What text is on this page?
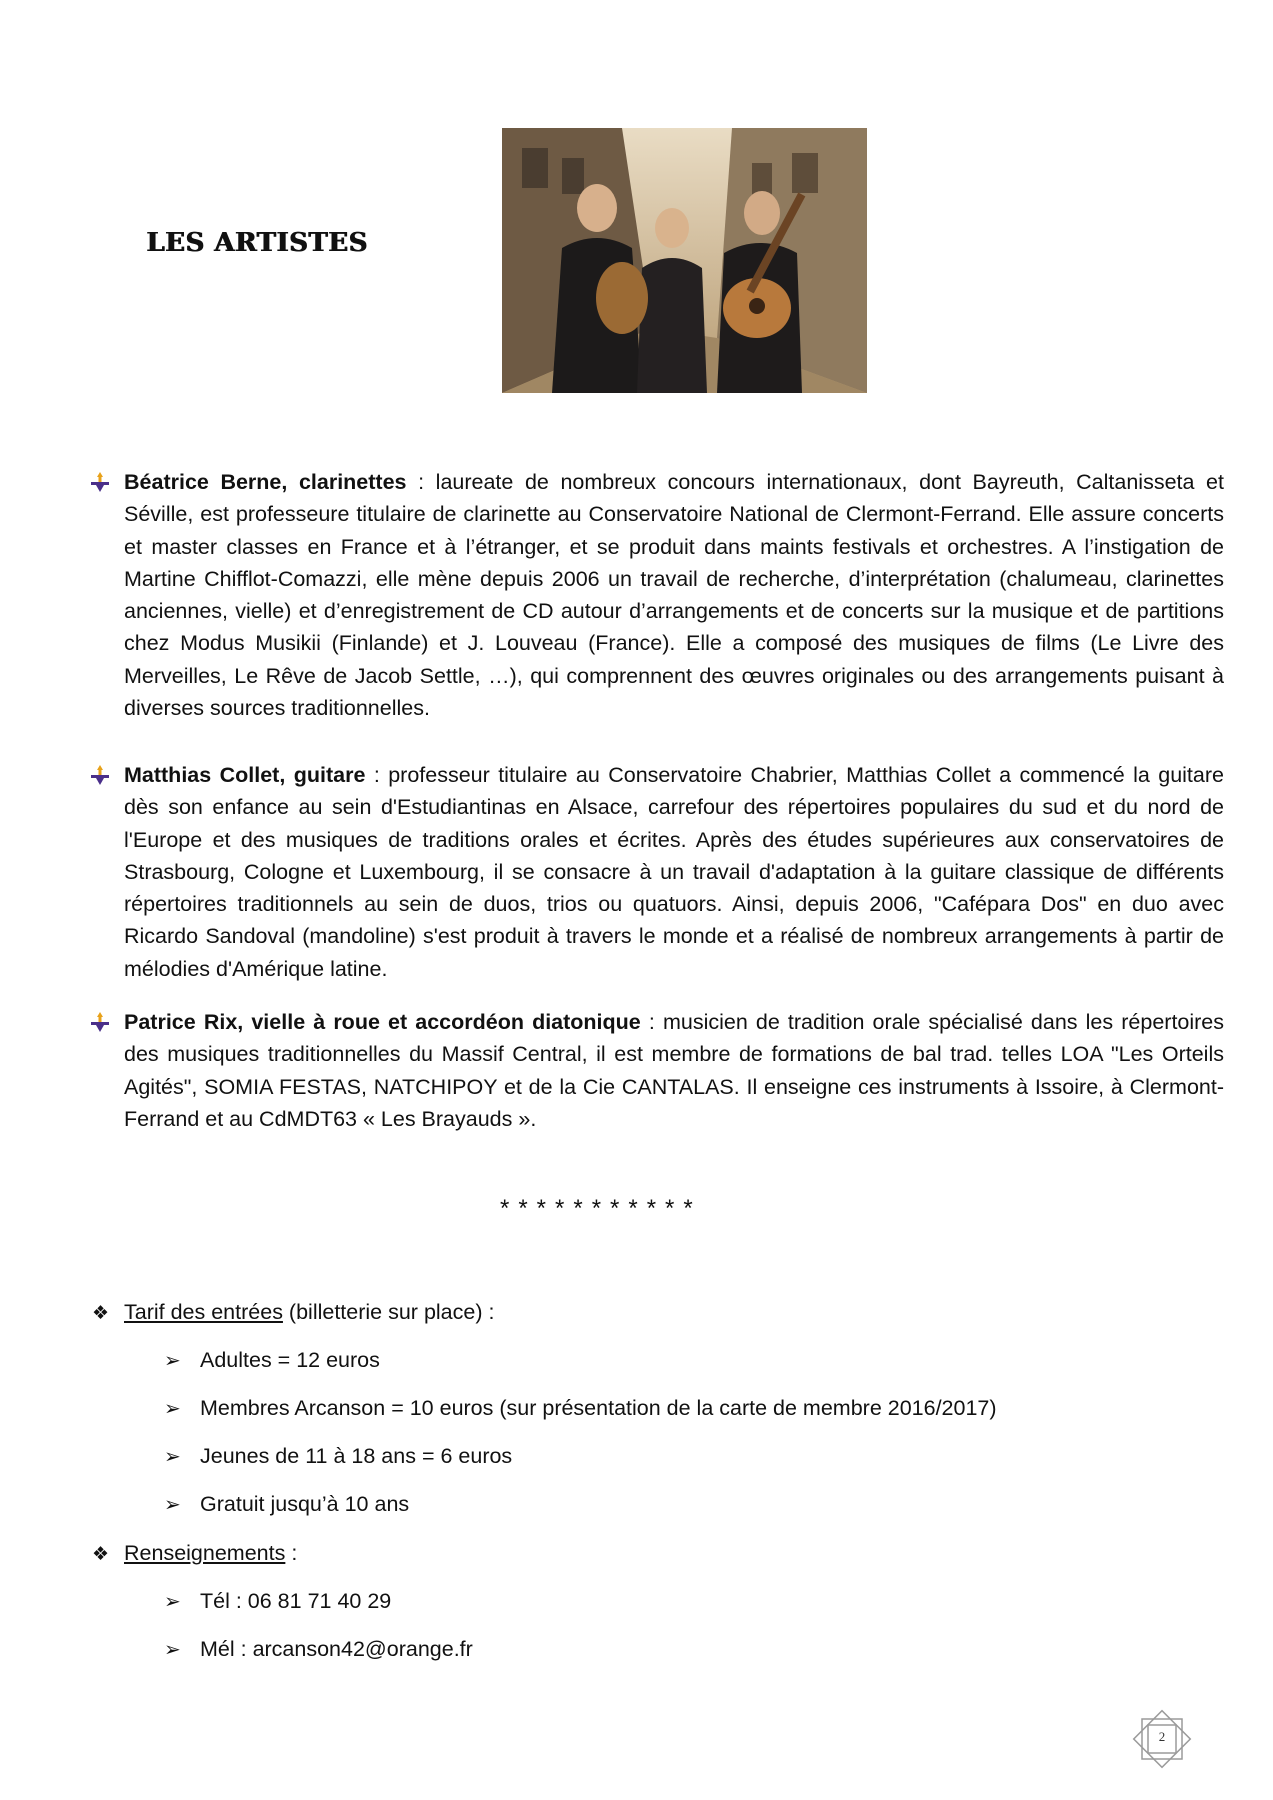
LES ARTISTES
Béatrice Berne, clarinettes : laureate de nombreux concours internationaux, dont Bayreuth, Caltanisseta et Séville, est professeure titulaire de clarinette au Conservatoire National de Clermont-Ferrand. Elle assure concerts et master classes en France et à l’étranger, et se produit dans maints festivals et orchestres. A l’instigation de Martine Chifflot-Comazzi, elle mène depuis 2006 un travail de recherche, d’interprétation (chalumeau, clarinettes anciennes, vielle) et d’enregistrement de CD autour d’arrangements et de concerts sur la musique et de partitions chez Modus Musikii (Finlande) et J. Louveau (France). Elle a composé des musiques de films (Le Livre des Merveilles, Le Rêve de Jacob Settle, …), qui comprennent des œuvres originales ou des arrangements puisant à diverses sources traditionnelles.
Matthias Collet, guitare : professeur titulaire au Conservatoire Chabrier, Matthias Collet a commencé la guitare dès son enfance au sein d'Estudiantinas en Alsace, carrefour des répertoires populaires du sud et du nord de l'Europe et des musiques de traditions orales et écrites. Après des études supérieures aux conservatoires de Strasbourg, Cologne et Luxembourg, il se consacre à un travail d'adaptation à la guitare classique de différents répertoires traditionnels au sein de duos, trios ou quatuors. Ainsi, depuis 2006, "Caféparа Dos" en duo avec Ricardo Sandoval (mandoline) s'est produit à travers le monde et a réalisé de nombreux arrangements à partir de mélodies d'Amérique latine.
Patrice Rix, vielle à roue et accordéon diatonique : musicien de tradition orale spécialisé dans les répertoires des musiques traditionnelles du Massif Central, il est membre de formations de bal trad. telles LOA "Les Orteils Agités", SOMIA FESTAS, NATCHIPOY et de la Cie CANTALAS. Il enseigne ces instruments à Issoire, à Clermont-Ferrand et au CdMDT63 « Les Brayauds ».
***********
❖ Tarif des entrées (billetterie sur place) :
➢ Adultes = 12 euros
➢ Membres Arcanson = 10 euros (sur présentation de la carte de membre 2016/2017)
➢ Jeunes de 11 à 18 ans = 6 euros
➢ Gratuit jusqu’à 10 ans
❖ Renseignements :
➢ Tél : 06 81 71 40 29
➢ Mél : arcanson42@orange.fr
2
